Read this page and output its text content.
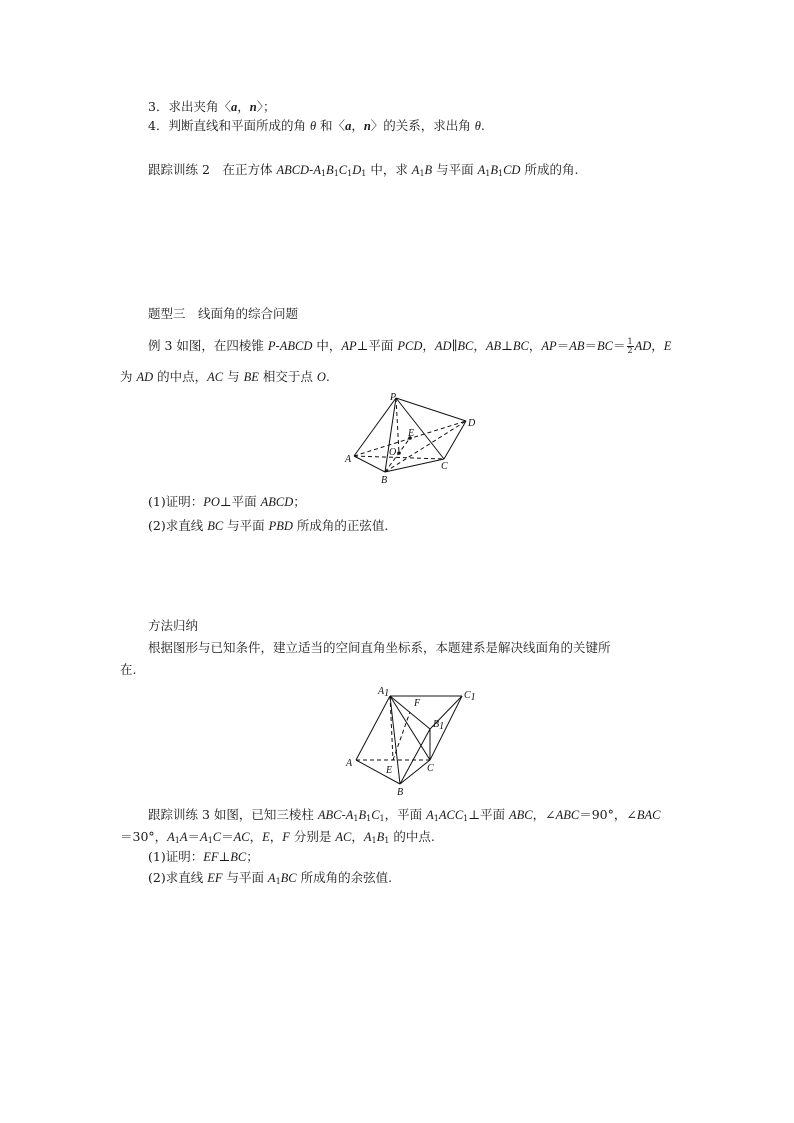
3．求出夹角〈a，n〉；
4．判断直线和平面所成的角 θ 和〈a，n〉的关系，求出角 θ.
跟踪训练 2　 在正方体 ABCD-$A_1B_1C_1D_1$ 中，求 $A_1B$ 与平面 $A_1B_1CD$ 所成的角.
题型三　线面角的综合问题
例 3 如图，在四棱锥 P-ABCD 中，AP⊥平面 PCD，AD∥BC，AB⊥BC，$AP=AB=BC= \frac{1}{2}$ AD，E
为 AD 的中点，AC 与 BE 相交于点 O.
P
D
E
O
A
B
C
(1)证明：PO⊥平面 ABCD；
(2)求直线 BC 与平面 PBD 所成角的正弦值.
方法归纳
根据图形与已知条件，建立适当的空间直角坐标系，本题建系是解决线面角的关键所
在.
A1
F
C1
B1
A
E	C
B
跟踪训练 3 如图，已知三棱柱 ABC-$A_1B_1C_1$，平面 $A_1ACC_1\perp$平面 ABC，∠ABC＝90°，∠BAC
＝30°，$A_1A=A_1C=AC$，E，F 分别是 AC，$A_1B_1$ 的中点.
(1)证明：EF⊥BC；
(2)求直线 EF 与平面 $A_1BC$ 所成角的余弦值.
